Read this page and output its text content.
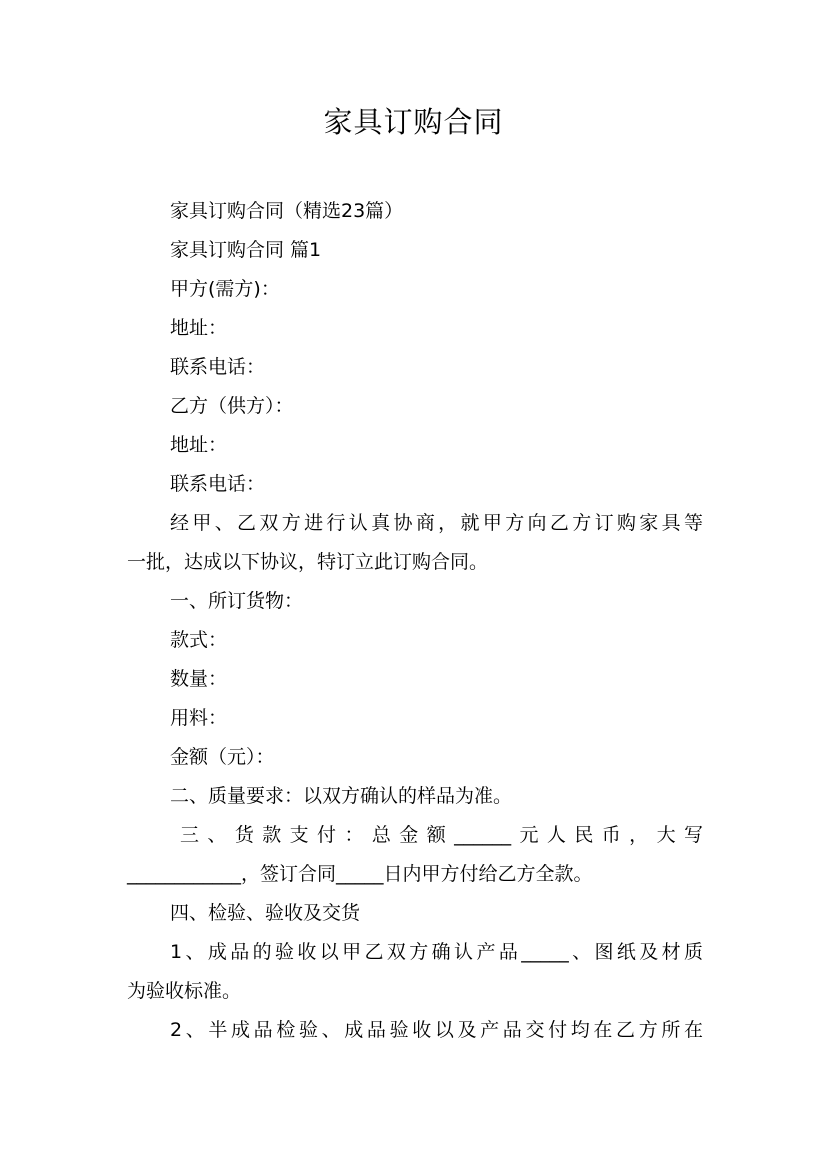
家具订购合同
家具订购合同（精选23篇）
家具订购合同 篇1
甲方(需方)：
地址：
联系电话：
乙方（供方）：
地址：
联系电话：
经甲、乙双方进行认真协商，就甲方向乙方订购家具等
一批，达成以下协议，特订立此订购合同。
一、所订货物：
款式：
数量：
用料：
金额（元）：
二、质量要求：以双方确认的样品为准。
三、货款支付：总金额______元人民币，大写
____________，签订合同_____日内甲方付给乙方全款。
四、检验、验收及交货
1、成品的验收以甲乙双方确认产品_____、图纸及材质
为验收标准。
2、半成品检验、成品验收以及产品交付均在乙方所在
